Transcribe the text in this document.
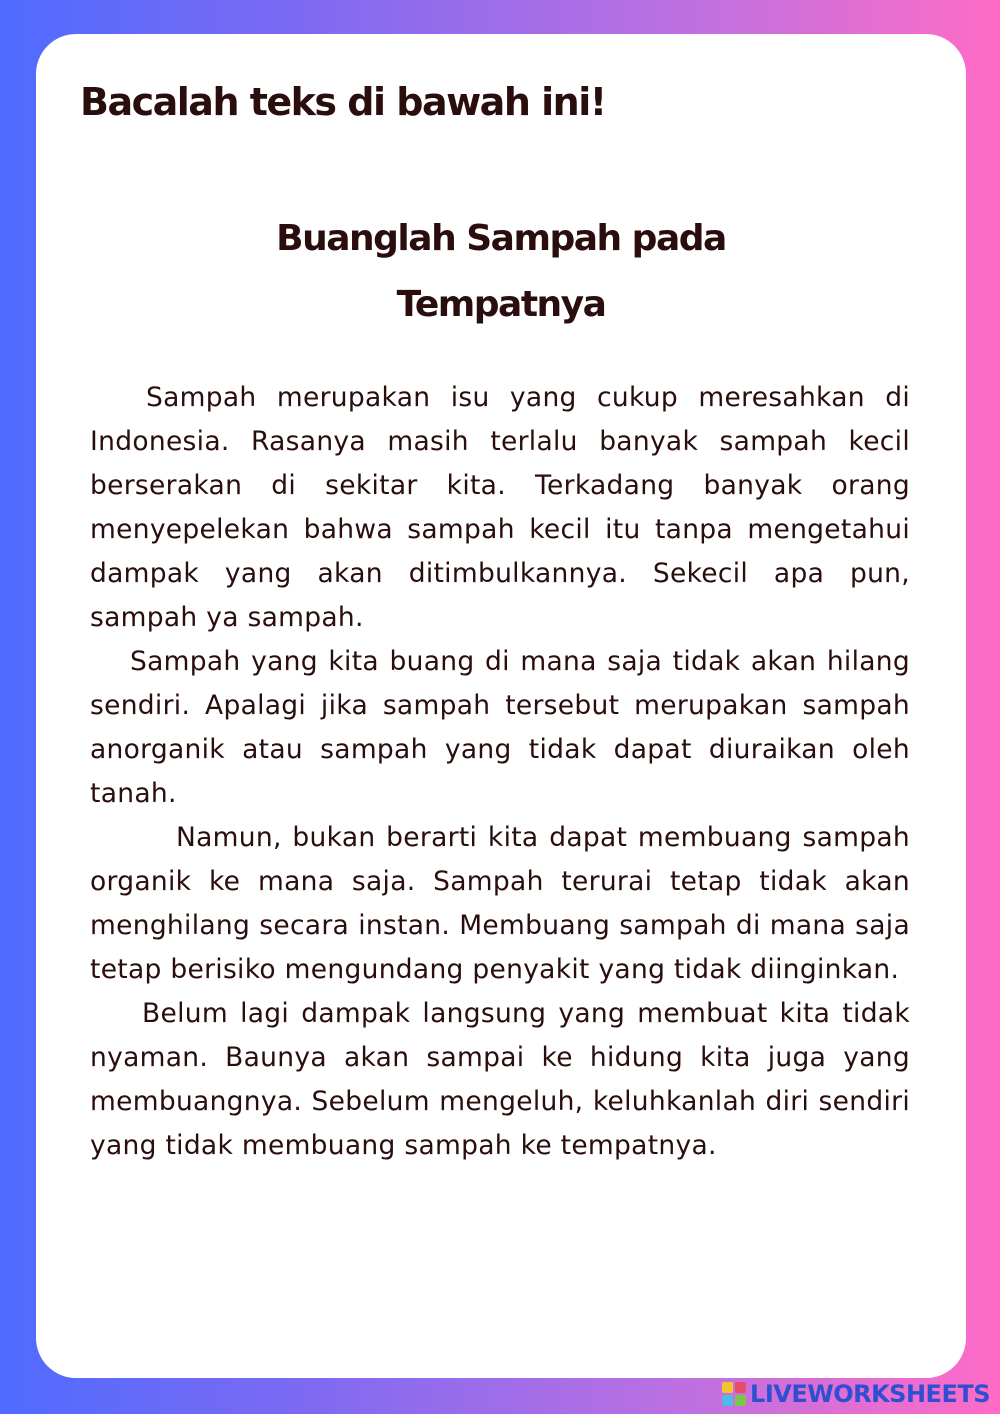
Bacalah teks di bawah ini!
Buanglah Sampah pada
Tempatnya

Sampah merupakan isu yang cukup meresahkan di Indonesia. Rasanya masih terlalu banyak sampah kecil berserakan di sekitar kita. Terkadang banyak orang menyepelekan bahwa sampah kecil itu tanpa mengetahui dampak yang akan ditimbulkannya. Sekecil apa pun, sampah ya sampah.

Sampah yang kita buang di mana saja tidak akan hilang sendiri. Apalagi jika sampah tersebut merupakan sampah anorganik atau sampah yang tidak dapat diuraikan oleh tanah.

Namun, bukan berarti kita dapat membuang sampah organik ke mana saja. Sampah terurai tetap tidak akan menghilang secara instan. Membuang sampah di mana saja tetap berisiko mengundang penyakit yang tidak diinginkan.

Belum lagi dampak langsung yang membuat kita tidak nyaman. Baunya akan sampai ke hidung kita juga yang membuangnya. Sebelum mengeluh, keluhkanlah diri sendiri yang tidak membuang sampah ke tempatnya.

LIVEWORKSHEETS
